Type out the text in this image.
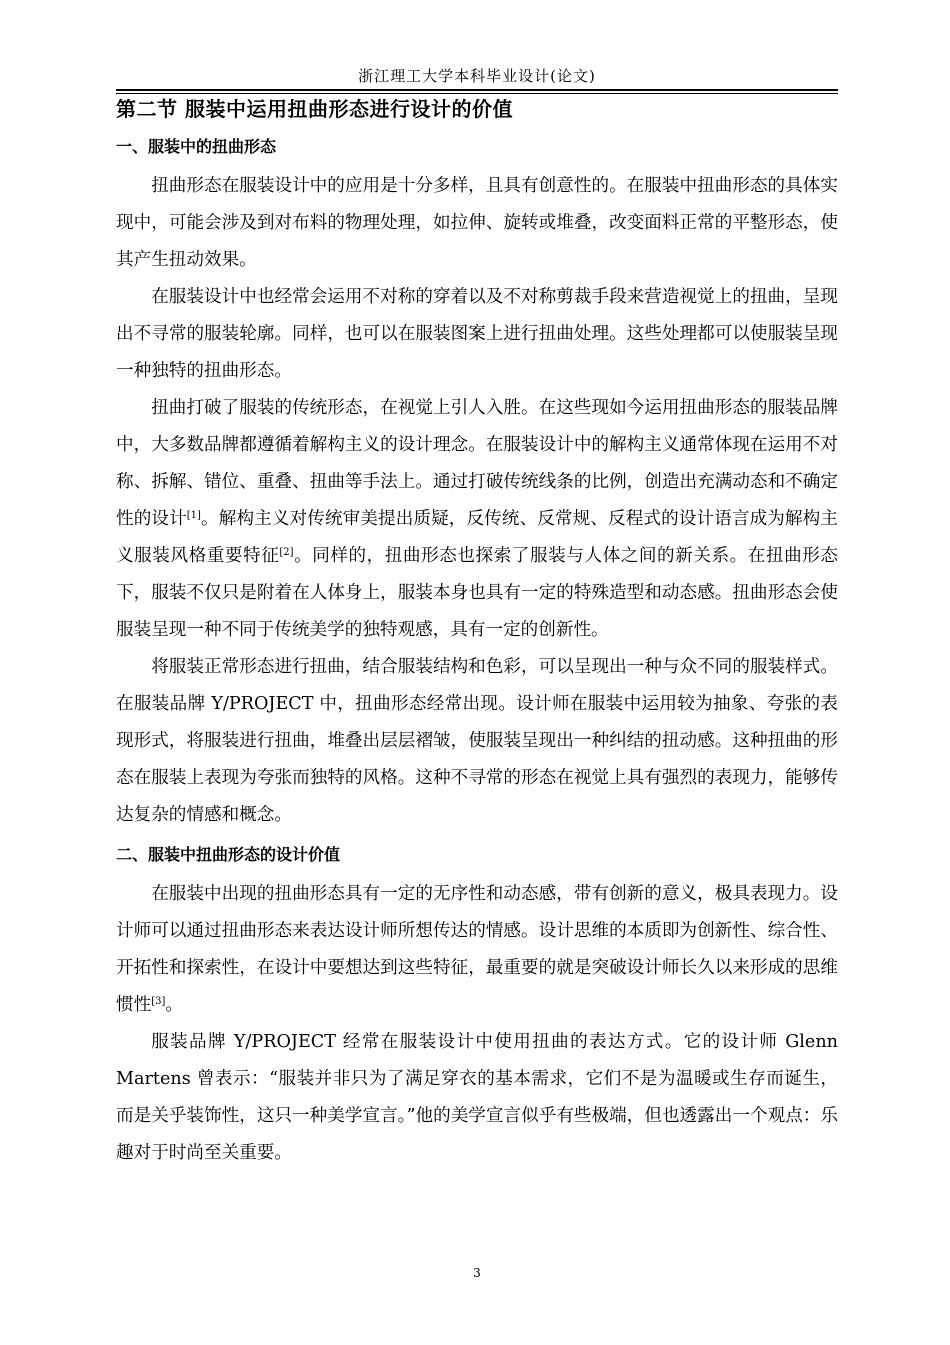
浙江理工大学本科毕业设计(论文)
第二节 服装中运用扭曲形态进行设计的价值
一、服装中的扭曲形态

扭曲形态在服装设计中的应用是十分多样，且具有创意性的。在服装中扭曲形态的具体实现中，可能会涉及到对布料的物理处理，如拉伸、旋转或堆叠，改变面料正常的平整形态，使其产生扭动效果。

在服装设计中也经常会运用不对称的穿着以及不对称剪裁手段来营造视觉上的扭曲，呈现出不寻常的服装轮廓。同样，也可以在服装图案上进行扭曲处理。这些处理都可以使服装呈现一种独特的扭曲形态。

扭曲打破了服装的传统形态，在视觉上引人入胜。在这些现如今运用扭曲形态的服装品牌中，大多数品牌都遵循着解构主义的设计理念。在服装设计中的解构主义通常体现在运用不对称、拆解、错位、重叠、扭曲等手法上。通过打破传统线条的比例，创造出充满动态和不确定性的设计[1]。解构主义对传统审美提出质疑，反传统、反常规、反程式的设计语言成为解构主义服装风格重要特征[2]。同样的，扭曲形态也探索了服装与人体之间的新关系。在扭曲形态下，服装不仅只是附着在人体身上，服装本身也具有一定的特殊造型和动态感。扭曲形态会使服装呈现一种不同于传统美学的独特观感，具有一定的创新性。

将服装正常形态进行扭曲，结合服装结构和色彩，可以呈现出一种与众不同的服装样式。在服装品牌 Y/PROJECT 中，扭曲形态经常出现。设计师在服装中运用较为抽象、夸张的表现形式，将服装进行扭曲，堆叠出层层褶皱，使服装呈现出一种纠结的扭动感。这种扭曲的形态在服装上表现为夸张而独特的风格。这种不寻常的形态在视觉上具有强烈的表现力，能够传达复杂的情感和概念。

二、服装中扭曲形态的设计价值

在服装中出现的扭曲形态具有一定的无序性和动态感，带有创新的意义，极具表现力。设计师可以通过扭曲形态来表达设计师所想传达的情感。设计思维的本质即为创新性、综合性、开拓性和探索性，在设计中要想达到这些特征，最重要的就是突破设计师长久以来形成的思维惯性[3]。

服装品牌 Y/PROJECT 经常在服装设计中使用扭曲的表达方式。它的设计师 Glenn Martens 曾表示：“服装并非只为了满足穿衣的基本需求，它们不是为温暖或生存而诞生，而是关乎装饰性，这只一种美学宣言。”他的美学宣言似乎有些极端，但也透露出一个观点：乐趣对于时尚至关重要。

3
